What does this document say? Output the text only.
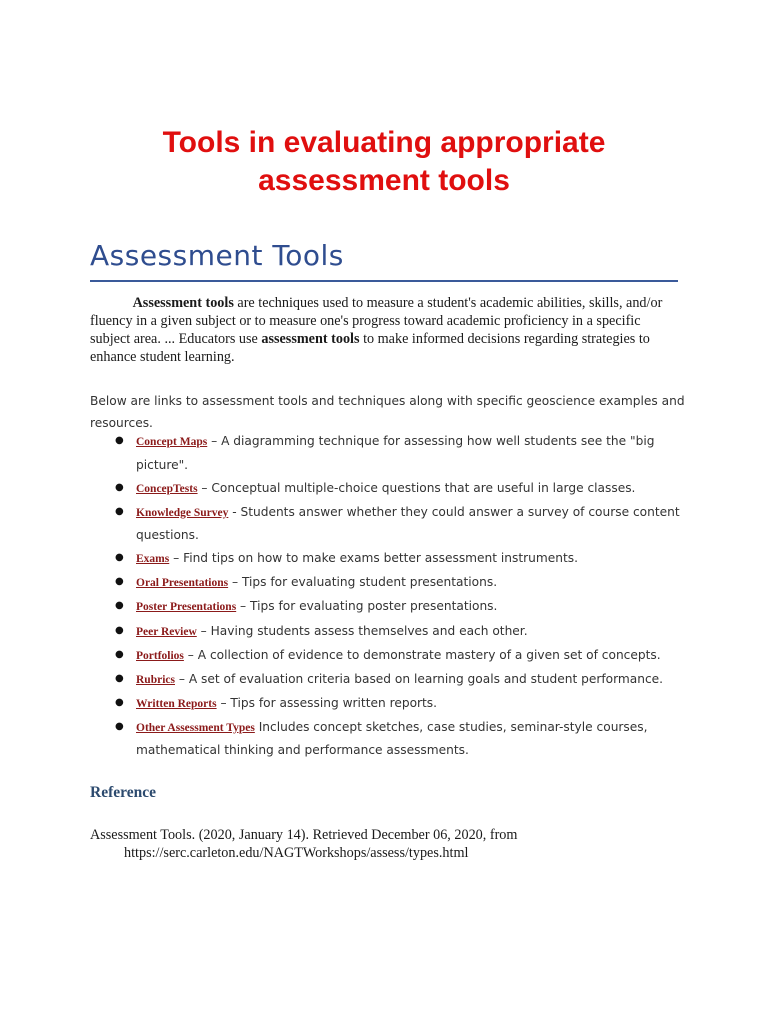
Tools in evaluating appropriate
assessment tools
Assessment Tools

Assessment tools are techniques used to measure a student's academic abilities, skills, and/or fluency in a given subject or to measure one's progress toward academic proficiency in a specific subject area. ... Educators use assessment tools to make informed decisions regarding strategies to enhance student learning.

Below are links to assessment tools and techniques along with specific geoscience examples and resources.
● Concept Maps – A diagramming technique for assessing how well students see the "big picture".
● ConcepTests – Conceptual multiple-choice questions that are useful in large classes.
● Knowledge Survey - Students answer whether they could answer a survey of course content questions.
● Exams – Find tips on how to make exams better assessment instruments.
● Oral Presentations – Tips for evaluating student presentations.
● Poster Presentations – Tips for evaluating poster presentations.
● Peer Review – Having students assess themselves and each other.
● Portfolios – A collection of evidence to demonstrate mastery of a given set of concepts.
● Rubrics – A set of evaluation criteria based on learning goals and student performance.
● Written Reports – Tips for assessing written reports.
● Other Assessment Types Includes concept sketches, case studies, seminar-style courses, mathematical thinking and performance assessments.
Reference
Assessment Tools. (2020, January 14). Retrieved December 06, 2020, from
https://serc.carleton.edu/NAGTWorkshops/assess/types.html
